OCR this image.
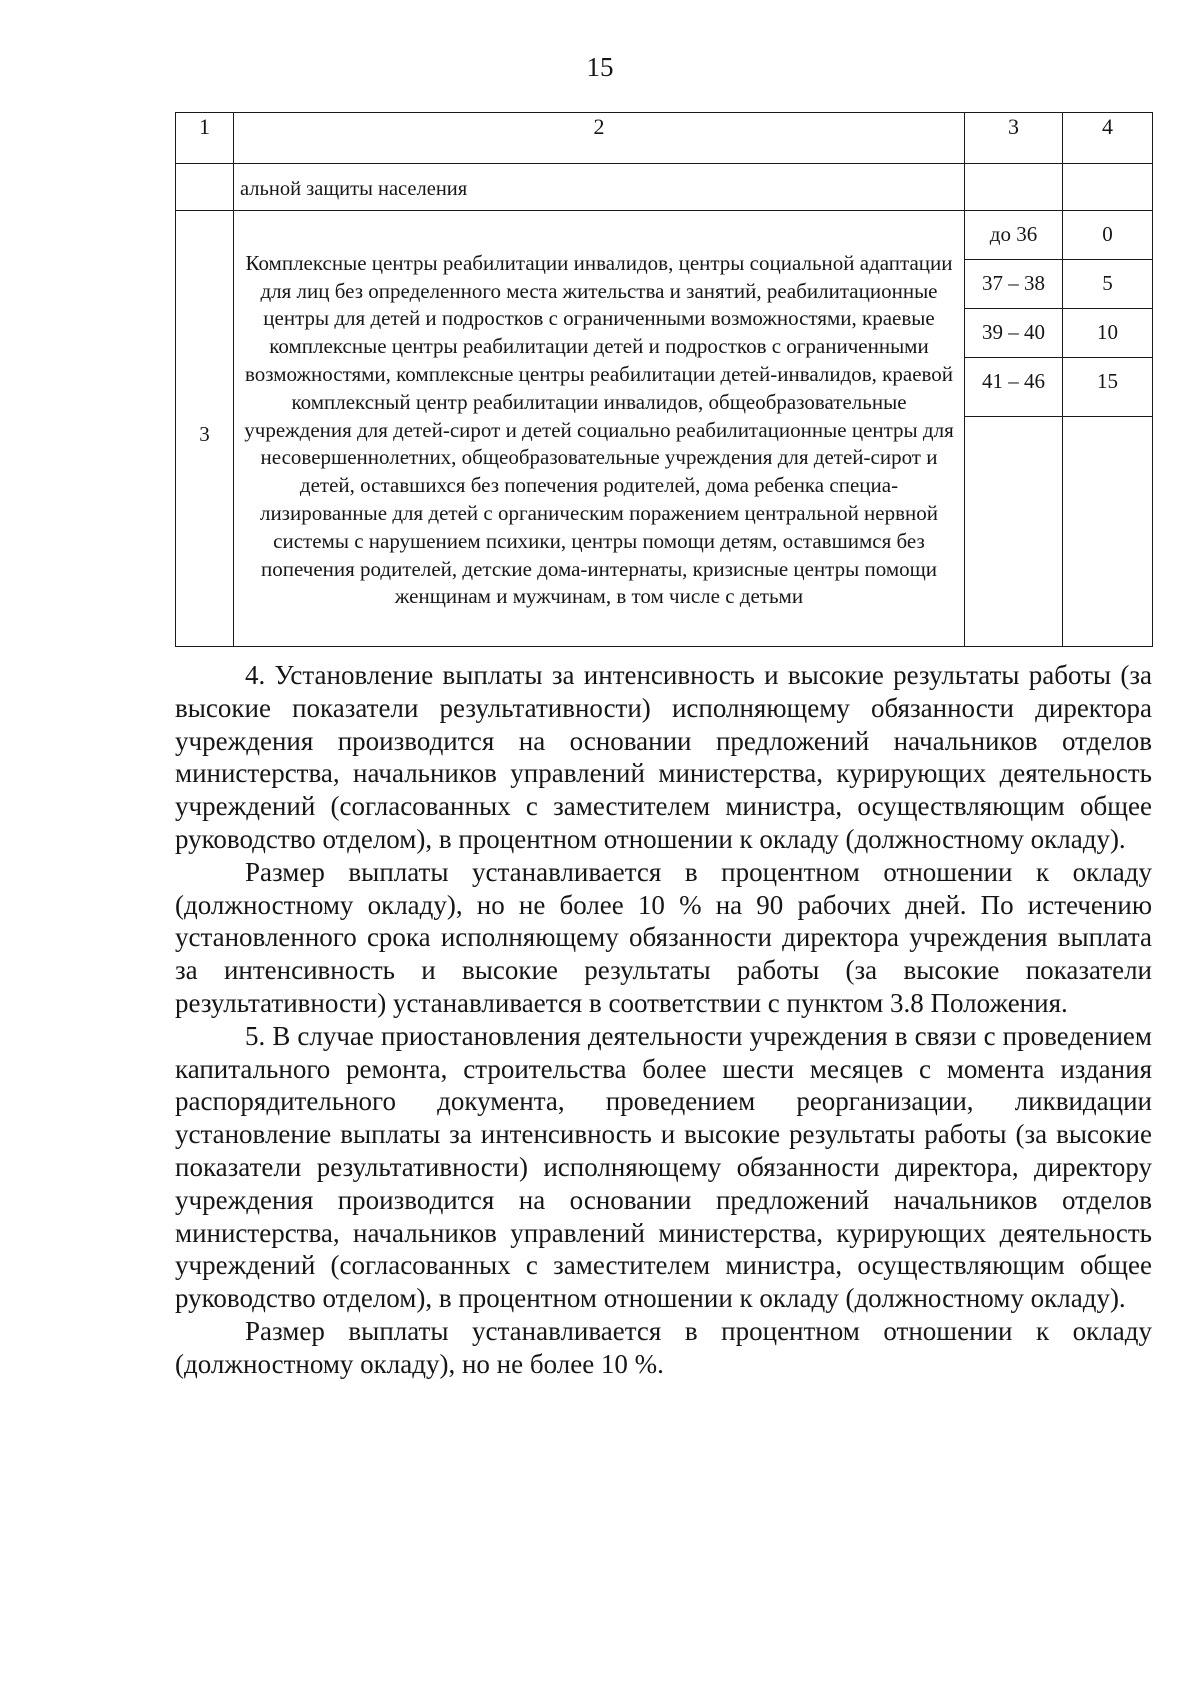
15
1	2	3	4

	альной защиты населения		

3	Комплексные центры реабилитации инвалидов, центры социальной адаптации для лиц без определенного места жительства и занятий, реабилитационные центры для детей и подростков с ограниченными возможностями, краевые комплексные центры реабилитации детей и подростков с ограниченными возможностями, комплексные центры реабилитации детей-инвалидов, краевой комплексный центр реабилитации инвалидов, общеобразовательные учреждения для детей-сирот и детей социально реабилитационные центры для несовершеннолетних, общеобразовательные учреждения для детей-сирот и детей, оставшихся без попечения родителей, дома ребенка специализированные для детей с органическим поражением центральной нервной системы с нарушением психики, центры помощи детям, оставшимся без попечения родителей, детские дома-интернаты, кризисные центры помощи женщинам и мужчинам, в том числе с детьми	до 36	0
		37 – 38	5
		39 – 40	10
		41 – 46	15

4. Установление выплаты за интенсивность и высокие результаты работы (за высокие показатели результативности) исполняющему обязанности директора учреждения производится на основании предложений начальников отделов министерства, начальников управлений министерства, курирующих деятельность учреждений (согласованных с заместителем министра, осуществляющим общее руководство отделом), в процентном отношении к окладу (должностному окладу).

Размер выплаты устанавливается в процентном отношении к окладу (должностному окладу), но не более 10 % на 90 рабочих дней. По истечению установленного срока исполняющему обязанности директора учреждения выплата за интенсивность и высокие результаты работы (за высокие показатели результативности) устанавливается в соответствии с пунктом 3.8 Положения.

5. В случае приостановления деятельности учреждения в связи с проведением капитального ремонта, строительства более шести месяцев с момента издания распорядительного документа, проведением реорганизации, ликвидации установление выплаты за интенсивность и высокие результаты работы (за высокие показатели результативности) исполняющему обязанности директора, директору учреждения производится на основании предложений начальников отделов министерства, начальников управлений министерства, курирующих деятельность учреждений (согласованных с заместителем министра, осуществляющим общее руководство отделом), в процентном отношении к окладу (должностному окладу).

Размер выплаты устанавливается в процентном отношении к окладу (должностному окладу), но не более 10 %.
